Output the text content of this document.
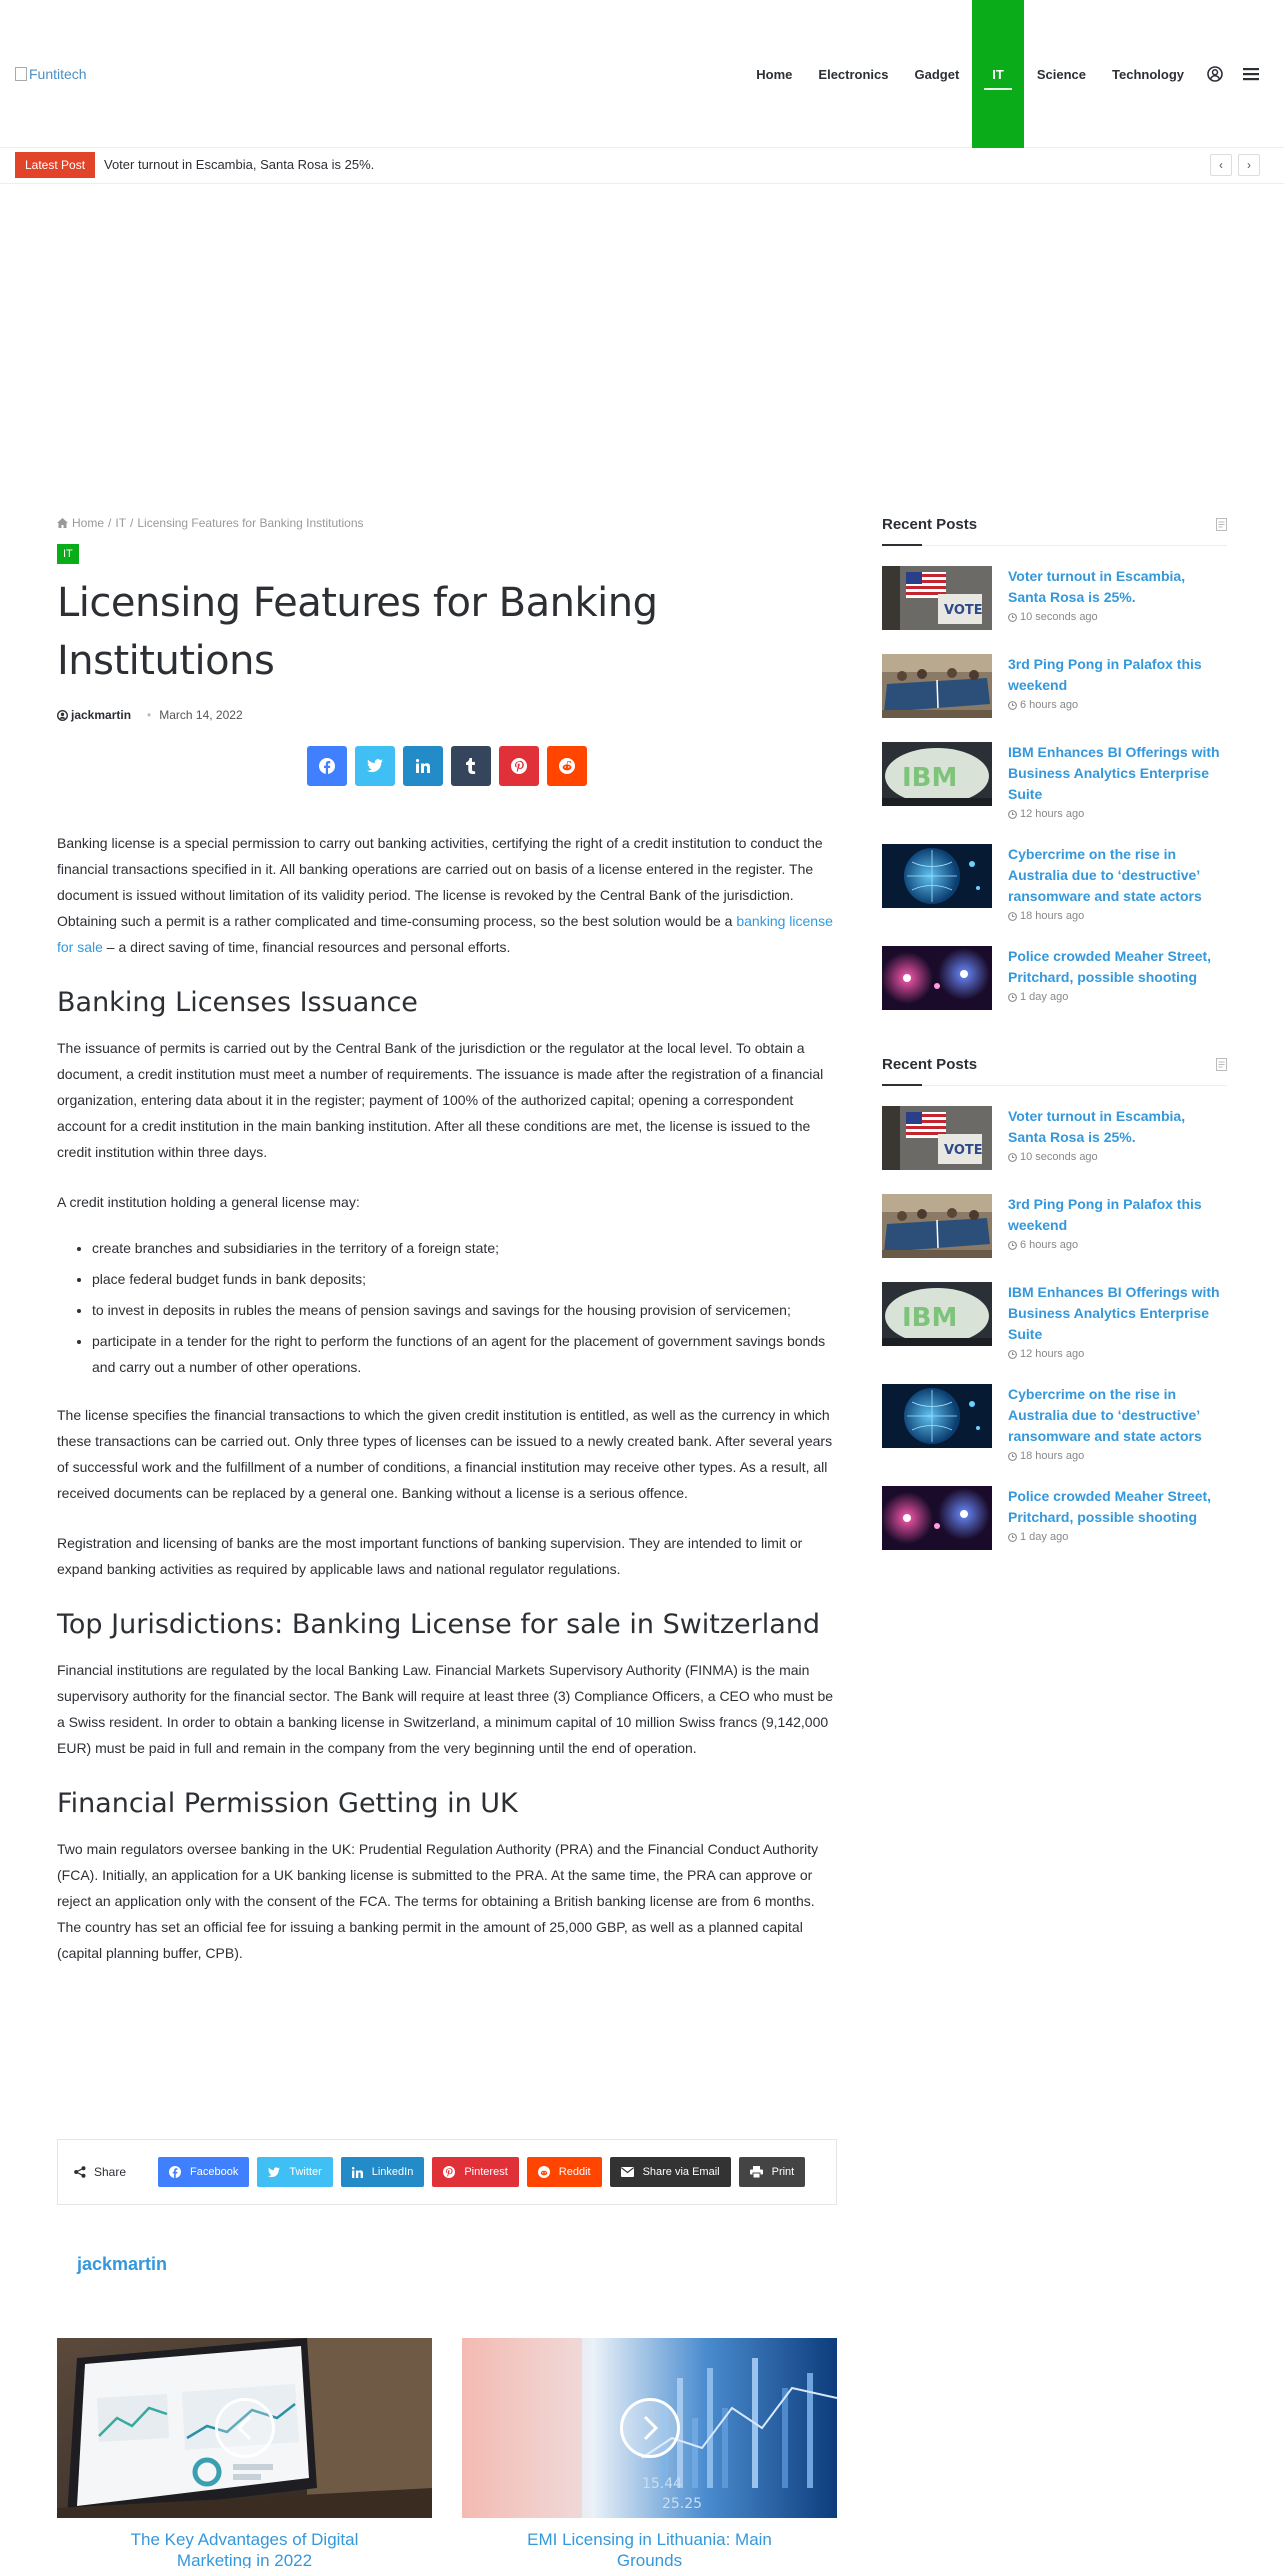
Funtitech	Home	Electronics	Gadget	IT	Science	Technology
Latest Post	Voter turnout in Escambia, Santa Rosa is 25%.	‹	›
Home / IT / Licensing Features for Banking Institutions
IT
Licensing Features for Banking Institutions
jackmartin • March 14, 2022

Banking license is a special permission to carry out banking activities, certifying the right of a credit institution to conduct the financial transactions specified in it. All banking operations are carried out on basis of a license entered in the register. The document is issued without limitation of its validity period. The license is revoked by the Central Bank of the jurisdiction. Obtaining such a permit is a rather complicated and time-consuming process, so the best solution would be a banking license for sale – a direct saving of time, financial resources and personal efforts.

Banking Licenses Issuance

The issuance of permits is carried out by the Central Bank of the jurisdiction or the regulator at the local level. To obtain a document, a credit institution must meet a number of requirements. The issuance is made after the registration of a financial organization, entering data about it in the register; payment of 100% of the authorized capital; opening a correspondent account for a credit institution in the main banking institution. After all these conditions are met, the license is issued to the credit institution within three days.

A credit institution holding a general license may:

• create branches and subsidiaries in the territory of a foreign state;
• place federal budget funds in bank deposits;
• to invest in deposits in rubles the means of pension savings and savings for the housing provision of servicemen;
• participate in a tender for the right to perform the functions of an agent for the placement of government savings bonds and carry out a number of other operations.

The license specifies the financial transactions to which the given credit institution is entitled, as well as the currency in which these transactions can be carried out. Only three types of licenses can be issued to a newly created bank. After several years of successful work and the fulfillment of a number of conditions, a financial institution may receive other types. As a result, all received documents can be replaced by a general one. Banking without a license is a serious offence.

Registration and licensing of banks are the most important functions of banking supervision. They are intended to limit or expand banking activities as required by applicable laws and national regulator regulations.

Top Jurisdictions: Banking License for sale in Switzerland

Financial institutions are regulated by the local Banking Law. Financial Markets Supervisory Authority (FINMA) is the main supervisory authority for the financial sector. The Bank will require at least three (3) Compliance Officers, a CEO who must be a Swiss resident. In order to obtain a banking license in Switzerland, a minimum capital of 10 million Swiss francs (9,142,000 EUR) must be paid in full and remain in the company from the very beginning until the end of operation.

Financial Permission Getting in UK

Two main regulators oversee banking in the UK: Prudential Regulation Authority (PRA) and the Financial Conduct Authority (FCA). Initially, an application for a UK banking license is submitted to the PRA. At the same time, the PRA can approve or reject an application only with the consent of the FCA. The terms for obtaining a British banking license are from 6 months. The country has set an official fee for issuing a banking permit in the amount of 25,000 GBP, as well as a planned capital (capital planning buffer, CPB).

Share	Facebook	Twitter	LinkedIn	Pinterest	Reddit	Share via Email	Print
jackmartin
The Key Advantages of Digital Marketing in 2022
15.44
25.25
EMI Licensing in Lithuania: Main Grounds
Recent Posts
VOTE
Voter turnout in Escambia, Santa Rosa is 25%.
10 seconds ago
3rd Ping Pong in Palafox this weekend
6 hours ago
IBM
IBM Enhances BI Offerings with Business Analytics Enterprise Suite
12 hours ago
Cybercrime on the rise in Australia due to ‘destructive’ ransomware and state actors
18 hours ago
Police crowded Meaher Street, Pritchard, possible shooting
1 day ago
Recent Posts
VOTE
Voter turnout in Escambia, Santa Rosa is 25%.
10 seconds ago
3rd Ping Pong in Palafox this weekend
6 hours ago
IBM
IBM Enhances BI Offerings with Business Analytics Enterprise Suite
12 hours ago
Cybercrime on the rise in Australia due to ‘destructive’ ransomware and state actors
18 hours ago
Police crowded Meaher Street, Pritchard, possible shooting
1 day ago
